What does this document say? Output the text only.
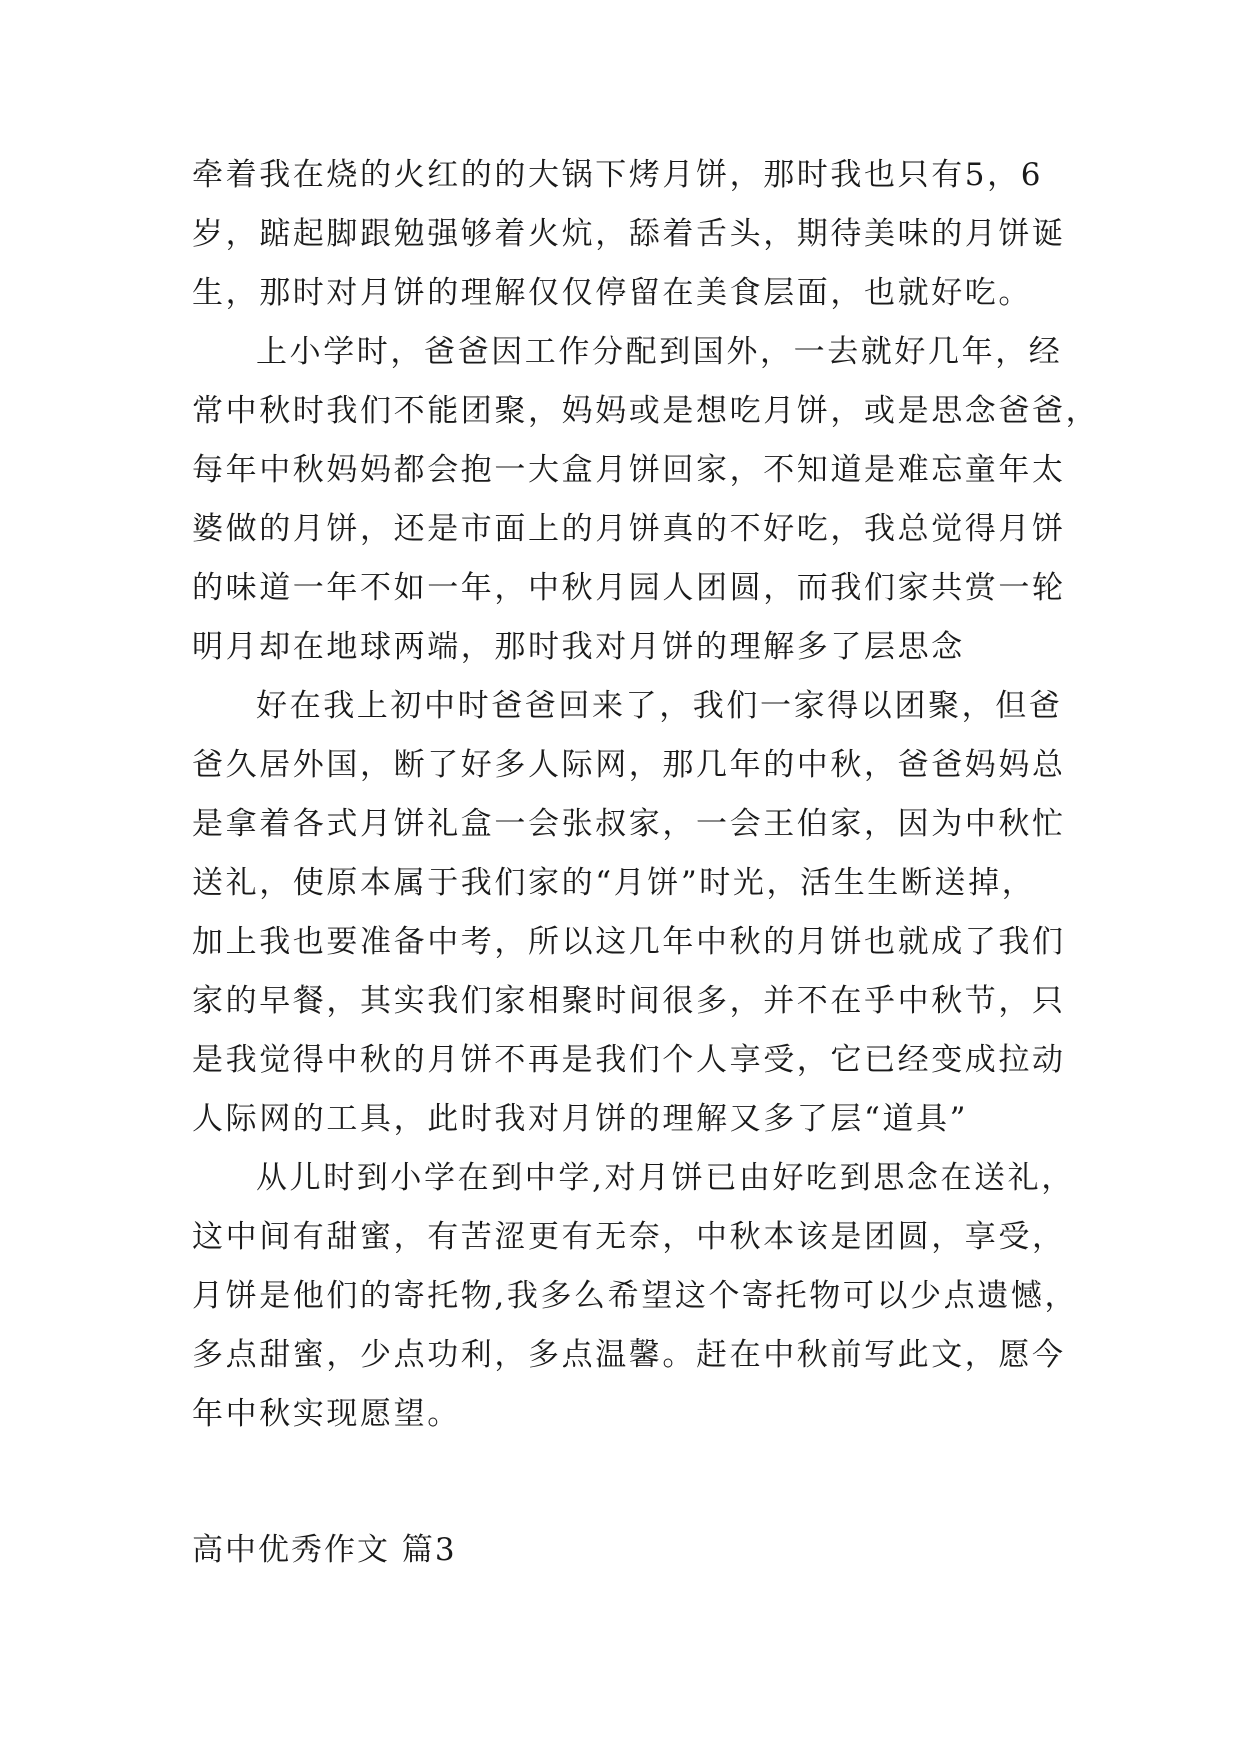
牵着我在烧的火红的的大锅下烤月饼，那时我也只有5，6
岁，踮起脚跟勉强够着火炕，舔着舌头，期待美味的月饼诞
生，那时对月饼的理解仅仅停留在美食层面，也就好吃。
上小学时，爸爸因工作分配到国外，一去就好几年，经
常中秋时我们不能团聚，妈妈或是想吃月饼，或是思念爸爸，
每年中秋妈妈都会抱一大盒月饼回家，不知道是难忘童年太
婆做的月饼，还是市面上的月饼真的不好吃，我总觉得月饼
的味道一年不如一年，中秋月园人团圆，而我们家共赏一轮
明月却在地球两端，那时我对月饼的理解多了层思念
好在我上初中时爸爸回来了，我们一家得以团聚，但爸
爸久居外国，断了好多人际网，那几年的中秋，爸爸妈妈总
是拿着各式月饼礼盒一会张叔家，一会王伯家，因为中秋忙
送礼，使原本属于我们家的“月饼”时光，活生生断送掉，
加上我也要准备中考，所以这几年中秋的月饼也就成了我们
家的早餐，其实我们家相聚时间很多，并不在乎中秋节，只
是我觉得中秋的月饼不再是我们个人享受，它已经变成拉动
人际网的工具，此时我对月饼的理解又多了层“道具”
从儿时到小学在到中学,对月饼已由好吃到思念在送礼，
这中间有甜蜜，有苦涩更有无奈，中秋本该是团圆，享受，
月饼是他们的寄托物,我多么希望这个寄托物可以少点遗憾，
多点甜蜜，少点功利，多点温馨。赶在中秋前写此文，愿今
年中秋实现愿望。
高中优秀作文 篇3
